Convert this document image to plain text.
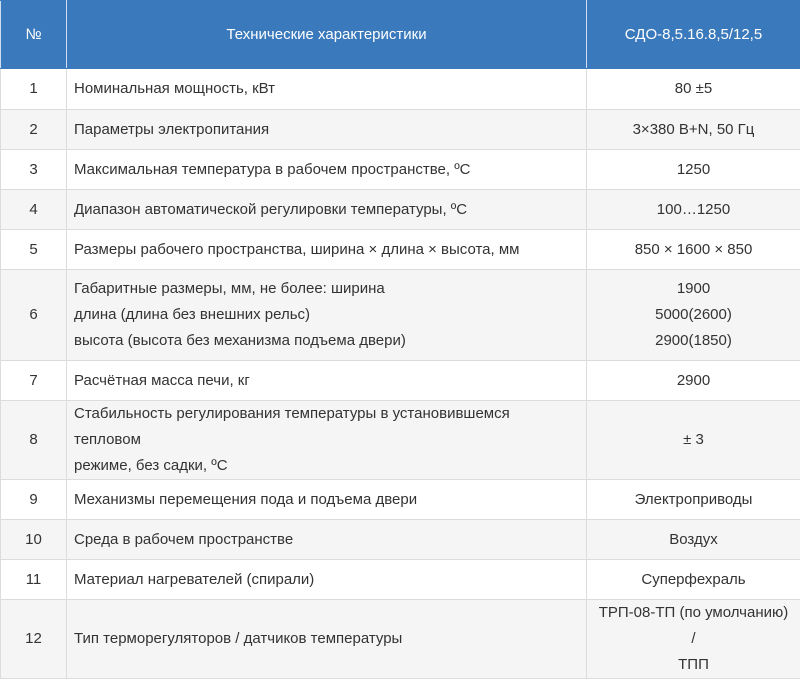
№	Технические характеристики	СДО-8,5.16.8,5/12,5
1	Номинальная мощность, кВт	80 ±5

2	Параметры электропитания	3×380 В+N, 50 Гц

3	Максимальная температура в рабочем пространстве, ºС	1250

4	Диапазон автоматической регулировки температуры, ºС	100…1250

5	Размеры рабочего пространства, ширина × длина × высота, мм	850 × 1600 × 850

6	Габаритные размеры, мм, не более: ширина
длина (длина без внешних рельс)
высота (высота без механизма подъема двери)	1900
5000(2600)
2900(1850)

7	Расчётная масса печи, кг	2900

8	Стабильность регулирования температуры в установившемся тепловом
режиме, без садки, ºС	± 3

9	Механизмы перемещения пода и подъема двери	Электроприводы

10	Среда в рабочем пространстве	Воздух

11	Материал нагревателей (спирали)	Суперфехраль

12	Тип терморегуляторов / датчиков температуры	ТРП-08-ТП (по умолчанию) /
ТПП
